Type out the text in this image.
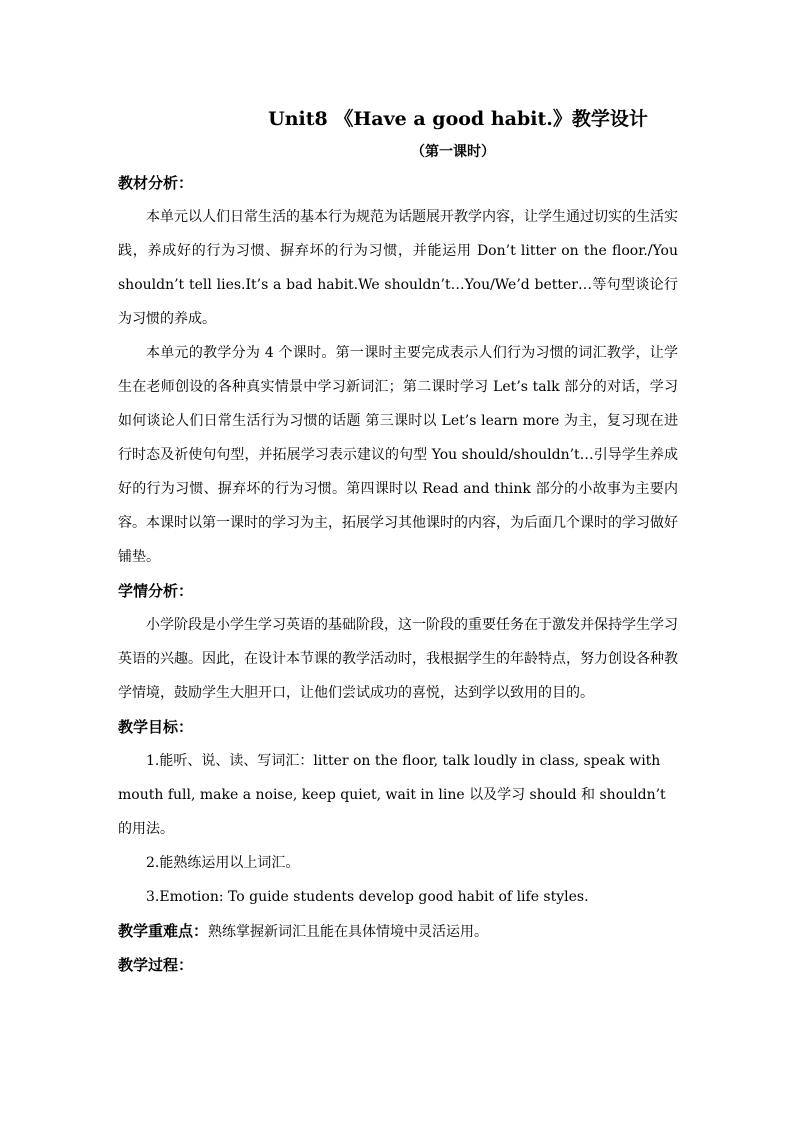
Unit8 《Have a good habit.》教学设计
（第一课时）
教材分析：

本单元以人们日常生活的基本行为规范为话题展开教学内容，让学生通过切实的生活实践，养成好的行为习惯、摒弃坏的行为习惯，并能运用 Don’t litter on the floor./You shouldn’t tell lies.It’s a bad habit.We shouldn’t…You/We’d better…等句型谈论行为习惯的养成。

本单元的教学分为 4 个课时。第一课时主要完成表示人们行为习惯的词汇教学，让学生在老师创设的各种真实情景中学习新词汇；第二课时学习 Let’s talk 部分的对话，学习如何谈论人们日常生活行为习惯的话题 第三课时以 Let’s learn more 为主，复习现在进行时态及祈使句句型，并拓展学习表示建议的句型 You should/shouldn’t…引导学生养成好的行为习惯、摒弃坏的行为习惯。第四课时以 Read and think 部分的小故事为主要内容。本课时以第一课时的学习为主，拓展学习其他课时的内容，为后面几个课时的学习做好铺垫。

学情分析：

小学阶段是小学生学习英语的基础阶段，这一阶段的重要任务在于激发并保持学生学习英语的兴趣。因此，在设计本节课的教学活动时，我根据学生的年龄特点，努力创设各种教学情境，鼓励学生大胆开口，让他们尝试成功的喜悦，达到学以致用的目的。

教学目标：

1.能听、说、读、写词汇：litter on the floor, talk loudly in class, speak with mouth full, make a noise, keep quiet, wait in line 以及学习 should 和 shouldn’t 的用法。

2.能熟练运用以上词汇。

3.Emotion: To guide students develop good habit of life styles.

教学重难点：熟练掌握新词汇且能在具体情境中灵活运用。
教学过程：
